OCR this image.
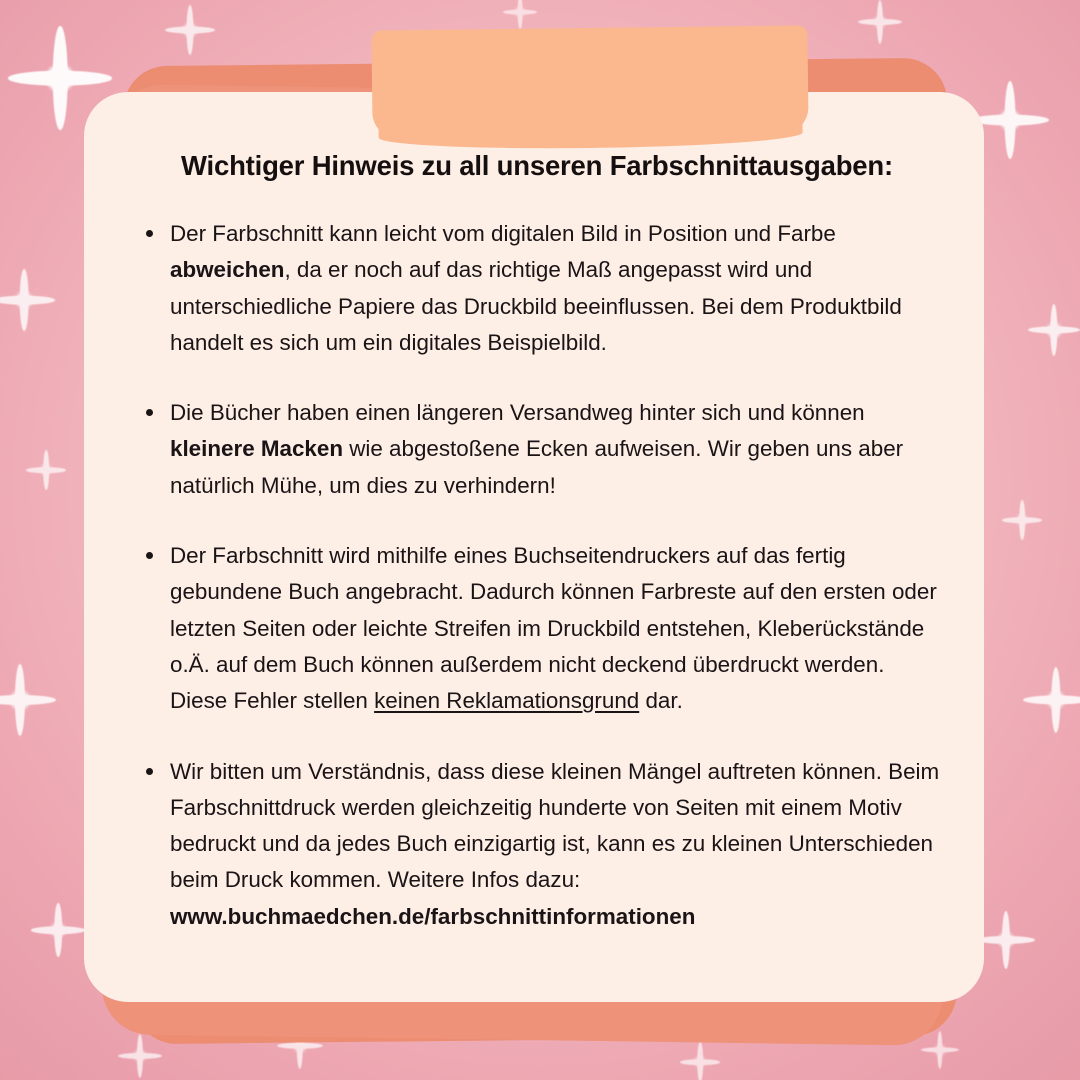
Wichtiger Hinweis zu all unseren Farbschnittausgaben:
Der Farbschnitt kann leicht vom digitalen Bild in Position und Farbe abweichen, da er noch auf das richtige Maß angepasst wird und unterschiedliche Papiere das Druckbild beeinflussen. Bei dem Produktbild handelt es sich um ein digitales Beispielbild.
Die Bücher haben einen längeren Versandweg hinter sich und können kleinere Macken wie abgestoßene Ecken aufweisen. Wir geben uns aber natürlich Mühe, um dies zu verhindern!
Der Farbschnitt wird mithilfe eines Buchseitendruckers auf das fertig gebundene Buch angebracht. Dadurch können Farbreste auf den ersten oder letzten Seiten oder leichte Streifen im Druckbild entstehen, Kleberückstände o.Ä. auf dem Buch können außerdem nicht deckend überdruckt werden. Diese Fehler stellen keinen Reklamationsgrund dar.
Wir bitten um Verständnis, dass diese kleinen Mängel auftreten können. Beim Farbschnittdruck werden gleichzeitig hunderte von Seiten mit einem Motiv bedruckt und da jedes Buch einzigartig ist, kann es zu kleinen Unterschieden beim Druck kommen. Weitere Infos dazu: www.buchmaedchen.de/farbschnittinformationen
